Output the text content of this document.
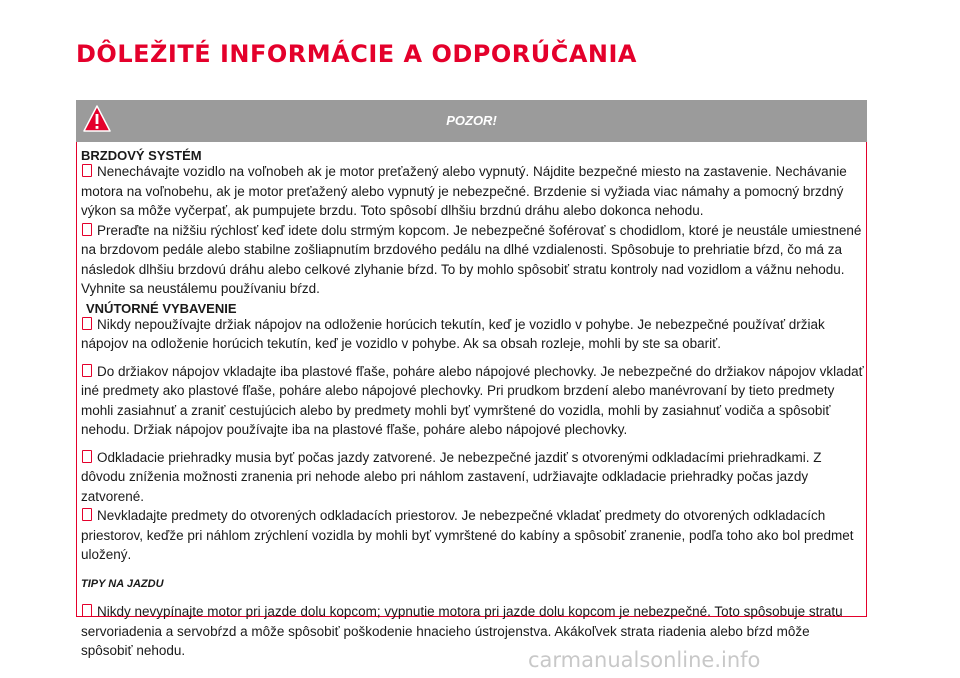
DÔLEŽITÉ INFORMÁCIE A ODPORÚČANIA
POZOR!
BRZDOVÝ SYSTÉM

Nenechávajte vozidlo na voľnobeh ak je motor preťažený alebo vypnutý. Nájdite bezpečné miesto na zastavenie. Nechávanie motora na voľnobehu, ak je motor preťažený alebo vypnutý je nebezpečné. Brzdenie si vyžiada viac námahy a pomocný brzdný výkon sa môže vyčerpať, ak pumpujete brzdu. Toto spôsobí dlhšiu brzdnú dráhu alebo dokonca nehodu.

Preraďte na nižšiu rýchlosť keď idete dolu strmým kopcom. Je nebezpečné šoférovať s chodidlom, ktoré je neustále umiestnené na brzdovom pedále alebo stabilne zošliapnutím brzdového pedálu na dlhé vzdialenosti. Spôsobuje to prehriatie bŕzd, čo má za následok dlhšiu brzdovú dráhu alebo celkové zlyhanie bŕzd. To by mohlo spôsobiť stratu kontroly nad vozidlom a vážnu nehodu. Vyhnite sa neustálemu používaniu bŕzd.

VNÚTORNÉ VYBAVENIE

Nikdy nepoužívajte držiak nápojov na odloženie horúcich tekutín, keď je vozidlo v pohybe. Je nebezpečné používať držiak nápojov na odloženie horúcich tekutín, keď je vozidlo v pohybe. Ak sa obsah rozleje, mohli by ste sa obariť.

Do držiakov nápojov vkladajte iba plastové fľaše, poháre alebo nápojové plechovky. Je nebezpečné do držiakov nápojov vkladať iné predmety ako plastové fľaše, poháre alebo nápojové plechovky. Pri prudkom brzdení alebo manévrovaní by tieto predmety mohli zasiahnuť a zraniť cestujúcich alebo by predmety mohli byť vymrštené do vozidla, mohli by zasiahnuť vodiča a spôsobiť nehodu. Držiak nápojov používajte iba na plastové fľaše, poháre alebo nápojové plechovky.

Odkladacie priehradky musia byť počas jazdy zatvorené. Je nebezpečné jazdiť s otvorenými odkladacími priehradkami. Z dôvodu zníženia možnosti zranenia pri nehode alebo pri náhlom zastavení, udržiavajte odkladacie priehradky počas jazdy zatvorené.

Nevkladajte predmety do otvorených odkladacích priestorov. Je nebezpečné vkladať predmety do otvorených odkladacích priestorov, keďže pri náhlom zrýchlení vozidla by mohli byť vymrštené do kabíny a spôsobiť zranenie, podľa toho ako bol predmet uložený.

TIPY NA JAZDU

Nikdy nevypínajte motor pri jazde dolu kopcom; vypnutie motora pri jazde dolu kopcom je nebezpečné. Toto spôsobuje stratu servoriadenia a servobŕzd a môže spôsobiť poškodenie hnacieho ústrojenstva. Akákoľvek strata riadenia alebo bŕzd môže spôsobiť nehodu.	carmanualsonline.info
